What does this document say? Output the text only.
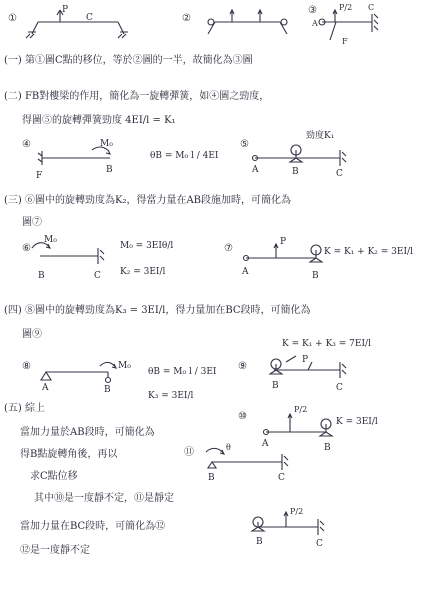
①
P
C	②
③	P/2
A
C
F
(一) 第①圖C點的移位，等於②圖的一半，故簡化為③圖
(二) FB對樓梁的作用，簡化為一旋轉彈簧，如④圖之勁度，
得圖⑤的旋轉彈簧勁度 4EI/l = K₁
④	M₀
F
B
θB = M₀ l / 4EI
⑤
勁度K₁
A	B	C
(三) ⑥圖中的旋轉勁度為K₂，得當力量在AB段施加時，可簡化為
圖⑦
⑥
M₀
B	C
M₀ = 3EIθ/l
K₂ = 3EI/l
⑦
P
K = K₁ + K₂ = 3EI/l
A	B
(四) ⑧圖中的旋轉勁度為K₃ = 3EI/l，得力量加在BC段時，可簡化為
圖⑨
⑧	M₀
A	B
θB = M₀ l / 3EI
K₃ = 3EI/l
⑨
K = K₁ + K₃ = 7EI/l
P
B	C
(五) 綜上
當加力量於AB段時，可簡化為
得B點旋轉角後，再以
求C點位移
其中⑩是一度靜不定，⑪是靜定
當加力量在BC段時，可簡化為⑫
⑫是一度靜不定
⑩
P/2
K = 3EI/l
A	B
⑪	θ
B	C
P/2
B	C
